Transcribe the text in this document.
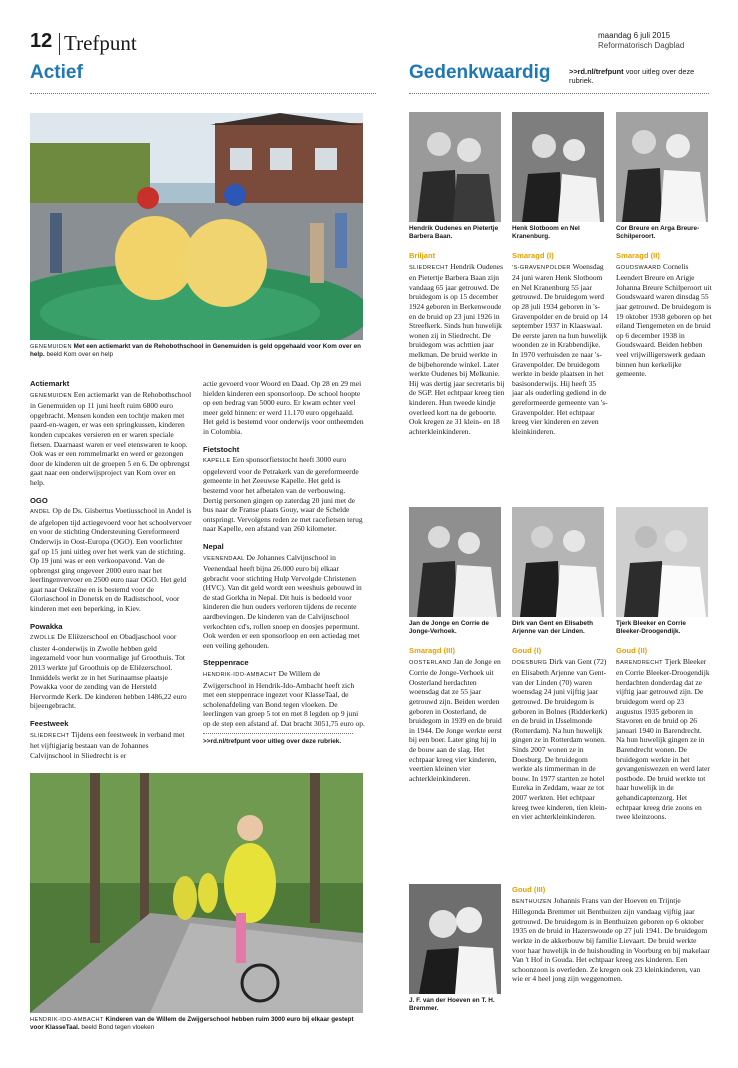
12 Trefpunt	maandag 6 juli 2015
Reformatorisch Dagblad
Actief
GENEMUIDEN Met een actiemarkt van de Rehobothschool in Genemuiden is geld opgehaald voor Kom over en help. beeld Kom over en help
Actiemarkt

GENEMUIDEN Een actiemarkt van de Rehobothschool in Genemuiden op 11 juni heeft ruim 6800 euro opgebracht. Mensen konden een tochtje maken met paard-en-wagen, er was een springkussen, kinderen konden cupcakes versieren en er waren speciale fietsen. Daarnaast waren er veel etenswaren te koop. Ook was er een rommelmarkt en werd er gezongen door de kinderen uit de groepen 5 en 6. De opbrengst gaat naar een onderwijsproject van Kom over en help.

OGO

ANDEL Op de Ds. Gisbertus Voetiusschool in Andel is de afgelopen tijd actiegevoerd voor het schoolvervoer en voor de stichting Ondersteuning Gereformeerd Onderwijs in Oost-Europa (OGO). Een voorlichter gaf op 15 juni uitleg over het werk van de stichting. Op 19 juni was er een verkoopavond. Van de opbrengst ging ongeveer 2000 euro naar het leerlingenvervoer en 2500 euro naar OGO. Het geld gaat naar Oekraïne en is bestemd voor de Gloriaschool in Donetsk en de Radistschool, voor kinderen met een beperking, in Kiev.

Powakka

ZWOLLE De Eliëzerschool en Obadjaschool voor cluster 4-onderwijs in Zwolle hebben geld ingezameld voor hun voormalige juf Groothuis. Tot 2013 werkte juf Groothuis op de Eliëzerschool. Inmiddels werkt ze in het Surinaamse plaatsje Powakka voor de zending van de Hersteld Hervormde Kerk. De kinderen hebben 1486,22 euro bijeengebracht.

Feestweek

SLIEDRECHT Tijdens een feestweek in verband met het vijftigjarig bestaan van de Johannes Calvijnschool in Sliedrecht is er

actie gevoerd voor Woord en Daad. Op 28 en 29 mei hielden kinderen een sponsorloop. De school hoopte op een bedrag van 5000 euro. Er kwam echter veel meer geld binnen: er werd 11.170 euro opgehaald. Het geld is bestemd voor onderwijs voor ontheemden in Colombia.

Fietstocht

KAPELLE Een sponsorfietstocht heeft 3000 euro opgeleverd voor de Petrakerk van de gereformeerde gemeente in het Zeeuwse Kapelle. Het geld is bestemd voor het afbetalen van de verbouwing. Dertig personen gingen op zaterdag 20 juni met de bus naar de Franse plaats Gouy, waar de Schelde ontspringt. Vervolgens reden ze met racefietsen terug naar Kapelle, een afstand van 260 kilometer.

Nepal

VEENENDAAL De Johannes Calvijnschool in Veenendaal heeft bijna 26.000 euro bij elkaar gebracht voor stichting Hulp Vervolgde Christenen (HVC). Van dit geld wordt een weeshuis gebouwd in de stad Gorkha in Nepal. Dit huis is bedoeld voor kinderen die hun ouders verloren tijdens de recente aardbevingen. De kinderen van de Calvijnschool verkochten cd's, rollen snoep en doosjes pepermunt. Ook werden er een sponsorloop en een actiedag met een veiling gehouden.

Steppenrace

HENDRIK-IDO-AMBACHT De Willem de Zwijgerschool in Hendrik-Ido-Ambacht heeft zich met een steppenrace ingezet voor KlasseTaal, de scholenafdeling van Bond tegen vloeken. De leerlingen van groep 5 tot en met 8 legden op 9 juni op de step een afstand af. Dat bracht 3051,75 euro op.

>>rd.nl/trefpunt voor uitleg over deze rubriek.
HENDRIK-IDO-AMBACHT Kinderen van de Willem de Zwijgerschool hebben ruim 3000 euro bij elkaar gestept voor KlasseTaal. beeld Bond tegen vloeken
Gedenkwaardig	>>rd.nl/trefpunt voor uitleg over deze rubriek.
Hendrik Oudenes en Pietertje Barbera Baan.
Henk Slotboom en Nel Kranenburg.
Cor Breure en Arga Breure-Schilperoort.
Briljant

SLIEDRECHT Hendrik Oudenes en Pietertje Barbera Baan zijn vandaag 65 jaar getrouwd. De bruidegom is op 15 december 1924 geboren in Berkenwoude en de bruid op 23 juni 1926 in Streefkerk. Sinds hun huwelijk wonen zij in Sliedrecht. De bruidegom was achttien jaar melkman. De bruid werkte in de bijbehorende winkel. Later werkte Oudenes bij Melkunie. Hij was dertig jaar secretaris bij de SGP. Het echtpaar kreeg tien kinderen. Hun tweede kindje overleed kort na de geboorte. Ook kregen ze 31 klein- en 18 achterkleinkinderen.

Smaragd (I)

'S-GRAVENPOLDER Woensdag 24 juni waren Henk Slotboom en Nel Kranenburg 55 jaar getrouwd. De bruidegom werd op 28 juli 1934 geboren in 's-Gravenpolder en de bruid op 14 september 1937 in Klaaswaal. De eerste jaren na hun huwelijk woonden ze in Krabbendijke. In 1970 verhuisden ze naar 's-Gravenpolder. De bruidegom werkte in beide plaatsen in het basisonderwijs. Hij heeft 35 jaar als ouderling gediend in de gereformeerde gemeente van 's-Gravenpolder. Het echtpaar kreeg vier kinderen en zeven kleinkinderen.

Smaragd (II)

GOUDSWAARD Cornelis Leendert Breure en Arigje Johanna Breure Schilperoort uit Goudswaard waren dinsdag 55 jaar getrouwd. De bruidegom is 19 oktober 1938 geboren op het eiland Tiengemeten en de bruid op 6 december 1938 in Goudswaard. Beiden hebben veel vrijwilligerswerk gedaan binnen hun kerkelijke gemeente.

Jan de Jonge en Corrie de Jonge-Verhoek.
Dirk van Gent en Elisabeth Arjenne van der Linden.
Tjerk Bleeker en Corrie Bleeker-Droogendijk.
Smaragd (III)

OOSTERLAND Jan de Jonge en Corrie de Jonge-Verhoek uit Oosterland herdachten woensdag dat ze 55 jaar getrouwd zijn. Beiden werden geboren in Oosterland, de bruidegom in 1939 en de bruid in 1944. De Jonge werkte eerst bij een boer. Later ging hij in de bouw aan de slag. Het echtpaar kreeg vier kinderen, veertien kleinen vier achterkleinkinderen.

Goud (I)

DOESBURG Dirk van Gent (72) en Elisabeth Arjenne van Gent-van der Linden (70) waren woensdag 24 juni vijftig jaar getrouwd. De bruidegom is geboren in Bolnes (Ridderkerk) en de bruid in IJsselmonde (Rotterdam). Na hun huwelijk gingen ze in Rotterdam wonen. Sinds 2007 wonen ze in Doesburg. De bruidegom werkte als timmerman in de bouw. In 1977 startten ze hotel Eureka in Zeddam, waar ze tot 2007 werkten. Het echtpaar kreeg twee kinderen, tien klein- en vier achterkleinkinderen.

Goud (II)

BARENDRECHT Tjerk Bleeker en Corrie Bleeker-Droogendijk herdachten donderdag dat ze vijftig jaar getrouwd zijn. De bruidegom werd op 23 augustus 1935 geboren in Stavoren en de bruid op 26 januari 1940 in Barendrecht. Na hun huwelijk gingen ze in Barendrecht wonen. De bruidegom werkte in het gevangeniswezen en werd later postbode. De bruid werkte tot haar huwelijk in de gehandicaptenzorg. Het echtpaar kreeg drie zoons en twee kleinzoons.

J. F. van der Hoeven en T. H. Bremmer.
Goud (III)

BENTHUIZEN Johannis Frans van der Hoeven en Trijntje Hillegonda Bremmer uit Benthuizen zijn vandaag vijftig jaar getrouwd. De bruidegom is in Benthuizen geboren op 6 oktober 1935 en de bruid in Hazerswoude op 27 juli 1941. De bruidegom werkte in de akkerbouw bij familie Lievaart. De bruid werkte voor haar huwelijk in de huishouding in Voorburg en bij makelaar Van 't Hof in Gouda. Het echtpaar kreeg zes kinderen. Een schoonzoon is overleden. Ze kregen ook 23 kleinkinderen, van wie er 4 heel jong zijn weggenomen.
